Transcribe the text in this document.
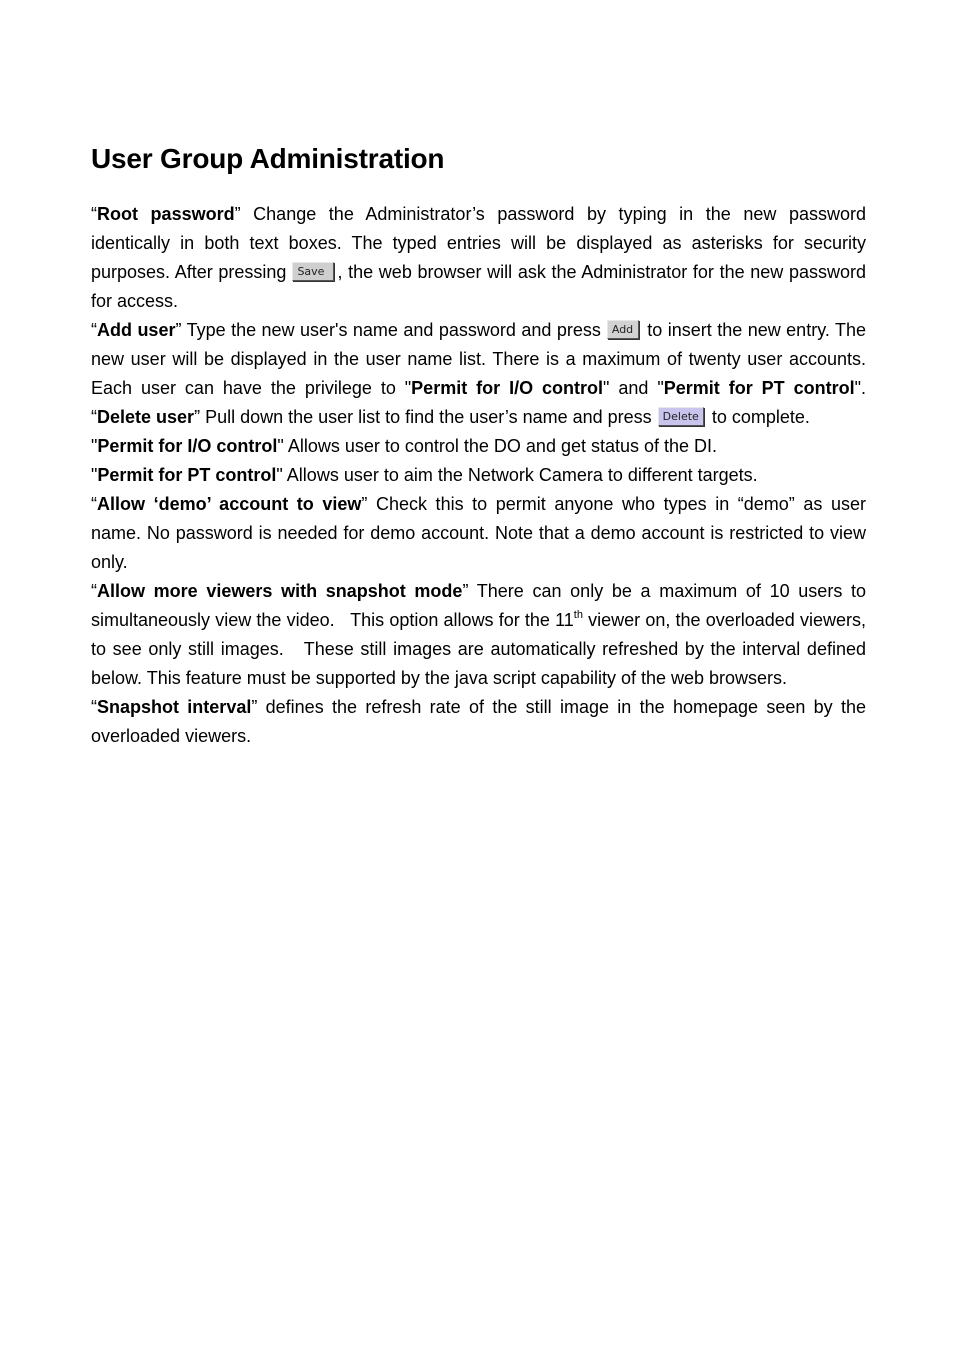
User Group Administration

“Root password” Change the Administrator’s password by typing in the new password identically in both text boxes. The typed entries will be displayed as asterisks for security purposes. After pressing Save , the web browser will ask the Administrator for the new password for access.

“Add user” Type the new user's name and password and press Add to insert the new entry. The new user will be displayed in the user name list. There is a maximum of twenty user accounts. Each user can have the privilege to "Permit for I/O control" and "Permit for PT control". “Delete user” Pull down the user list to find the user’s name and press Delete to complete.

"Permit for I/O control" Allows user to control the DO and get status of the DI.

"Permit for PT control" Allows user to aim the Network Camera to different targets.

“Allow ‘demo’ account to view” Check this to permit anyone who types in “demo” as user name. No password is needed for demo account. Note that a demo account is restricted to view only.

“Allow more viewers with snapshot mode” There can only be a maximum of 10 users to simultaneously view the video.   This option allows for the 11th viewer on, the overloaded viewers, to see only still images.   These still images are automatically refreshed by the interval defined below. This feature must be supported by the java script capability of the web browsers.

“Snapshot interval” defines the refresh rate of the still image in the homepage seen by the overloaded viewers.
